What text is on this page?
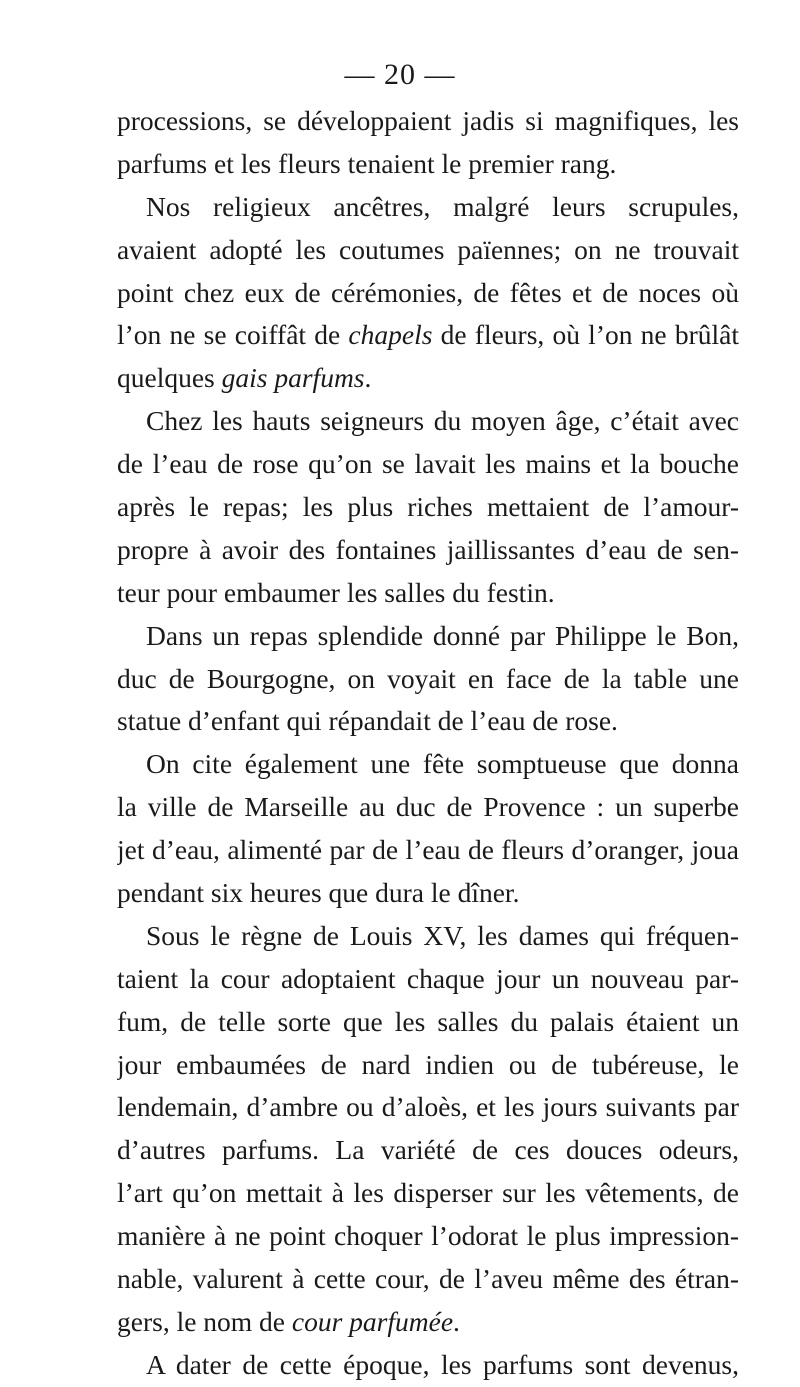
— 20 —
processions, se développaient jadis si magnifiques, les
parfums et les fleurs tenaient le premier rang.
Nos religieux ancêtres, malgré leurs scrupules,
avaient adopté les coutumes païennes; on ne trouvait
point chez eux de cérémonies, de fêtes et de noces où
l’on ne se coiffât de chapels de fleurs, où l’on ne brûlât
quelques gais parfums.
Chez les hauts seigneurs du moyen âge, c’était avec
de l’eau de rose qu’on se lavait les mains et la bouche
après le repas; les plus riches mettaient de l’amour-
propre à avoir des fontaines jaillissantes d’eau de sen-
teur pour embaumer les salles du festin.
Dans un repas splendide donné par Philippe le Bon,
duc de Bourgogne, on voyait en face de la table une
statue d’enfant qui répandait de l’eau de rose.
On cite également une fête somptueuse que donna
la ville de Marseille au duc de Provence : un superbe
jet d’eau, alimenté par de l’eau de fleurs d’oranger, joua
pendant six heures que dura le dîner.
Sous le règne de Louis XV, les dames qui fréquen-
taient la cour adoptaient chaque jour un nouveau par-
fum, de telle sorte que les salles du palais étaient un
jour embaumées de nard indien ou de tubéreuse, le
lendemain, d’ambre ou d’aloès, et les jours suivants par
d’autres parfums. La variété de ces douces odeurs,
l’art qu’on mettait à les disperser sur les vêtements, de
manière à ne point choquer l’odorat le plus impression-
nable, valurent à cette cour, de l’aveu même des étran-
gers, le nom de cour parfumée.
A dater de cette époque, les parfums sont devenus,
